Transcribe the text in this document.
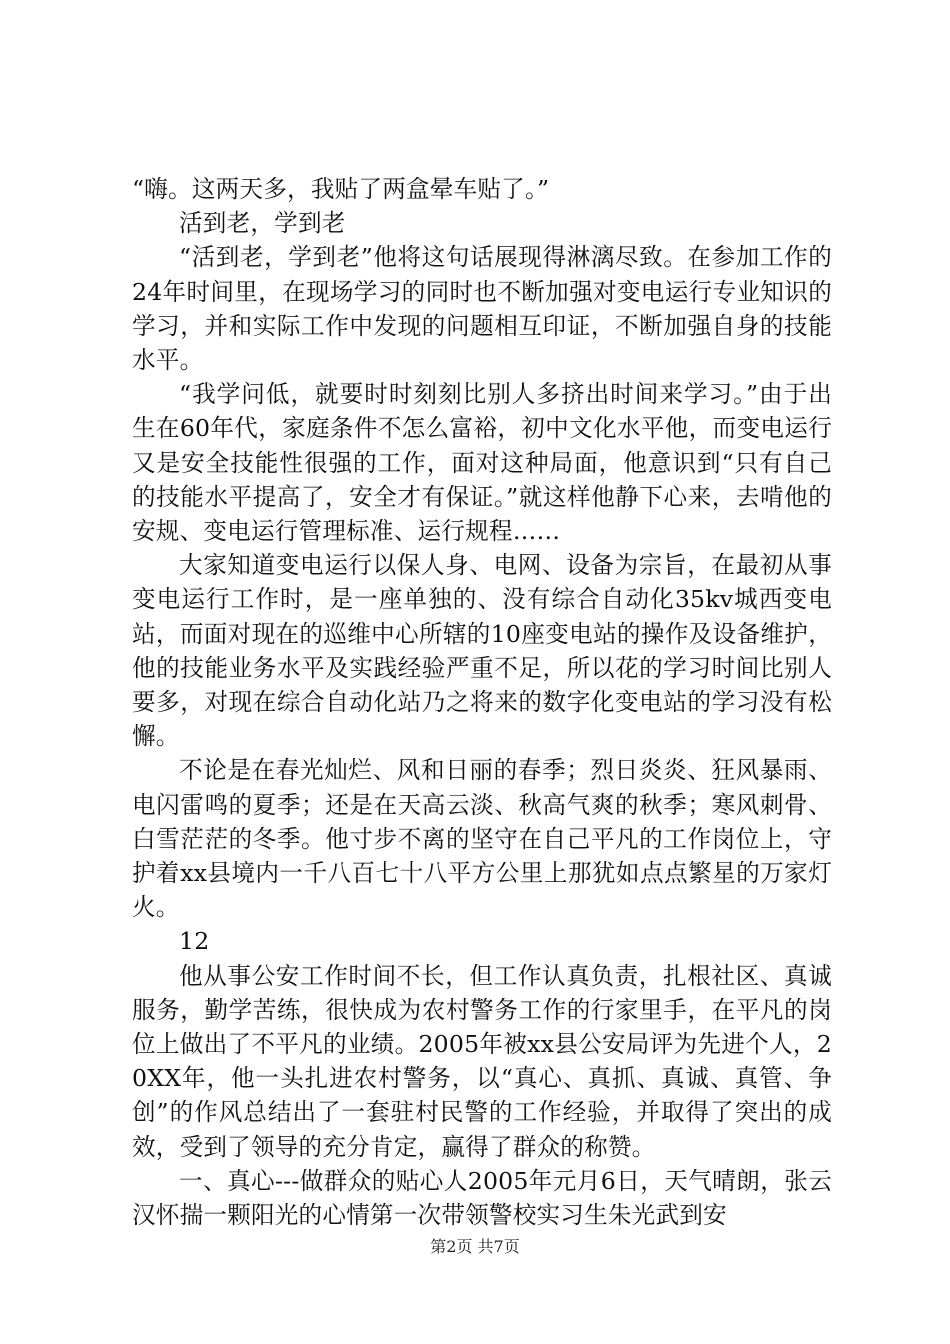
“嗨。这两天多，我贴了两盒晕车贴了。”

活到老，学到老

“活到老，学到老”他将这句话展现得淋漓尽致。在参加工作的24年时间里，在现场学习的同时也不断加强对变电运行专业知识的学习，并和实际工作中发现的问题相互印证，不断加强自身的技能水平。

“我学问低，就要时时刻刻比别人多挤出时间来学习。”由于出生在60年代，家庭条件不怎么富裕，初中文化水平他，而变电运行又是安全技能性很强的工作，面对这种局面，他意识到“只有自己的技能水平提高了，安全才有保证。”就这样他静下心来，去啃他的安规、变电运行管理标准、运行规程……

大家知道变电运行以保人身、电网、设备为宗旨，在最初从事变电运行工作时，是一座单独的、没有综合自动化35kv城西变电站，而面对现在的巡维中心所辖的10座变电站的操作及设备维护，他的技能业务水平及实践经验严重不足，所以花的学习时间比别人要多，对现在综合自动化站乃之将来的数字化变电站的学习没有松懈。

不论是在春光灿烂、风和日丽的春季；烈日炎炎、狂风暴雨、电闪雷鸣的夏季；还是在天高云淡、秋高气爽的秋季；寒风刺骨、白雪茫茫的冬季。他寸步不离的坚守在自己平凡的工作岗位上，守护着xx县境内一千八百七十八平方公里上那犹如点点繁星的万家灯火。

12

他从事公安工作时间不长，但工作认真负责，扎根社区、真诚服务，勤学苦练，很快成为农村警务工作的行家里手，在平凡的岗位上做出了不平凡的业绩。2005年被xx县公安局评为先进个人，20XX年，他一头扎进农村警务，以“真心、真抓、真诚、真管、争创”的作风总结出了一套驻村民警的工作经验，并取得了突出的成效，受到了领导的充分肯定，赢得了群众的称赞。

一、真心---做群众的贴心人2005年元月6日，天气晴朗，张云汉怀揣一颗阳光的心情第一次带领警校实习生朱光武到安

第2页 共7页
